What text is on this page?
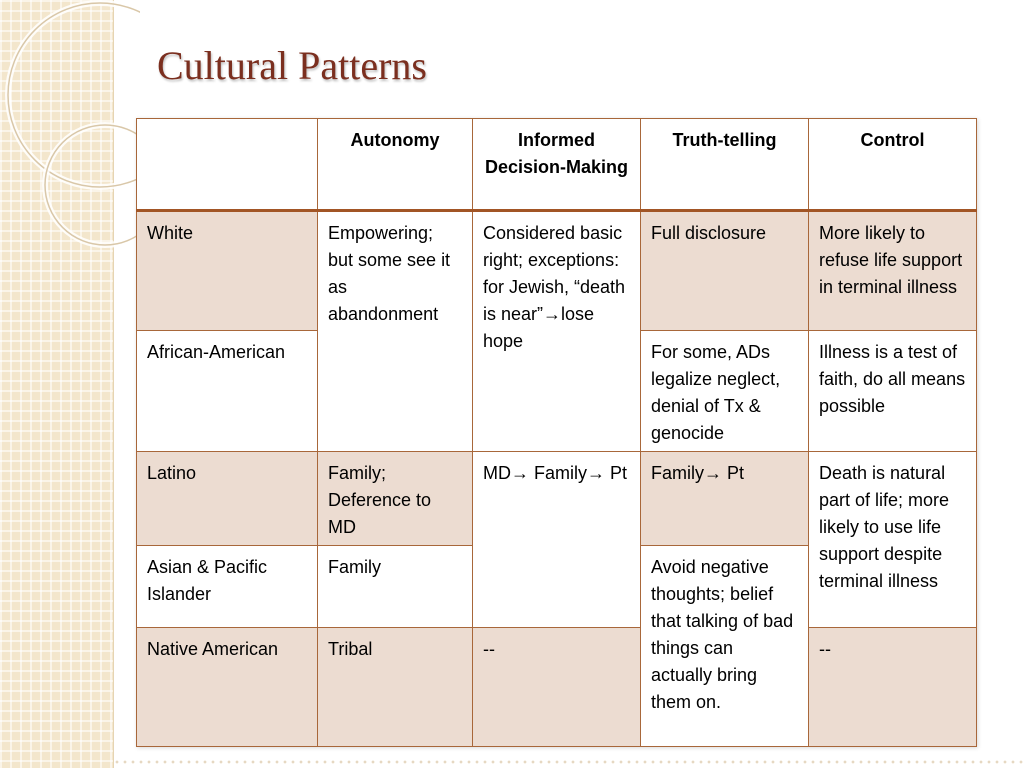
Cultural Patterns
	Autonomy	Informed Decision-Making	Truth-telling	Control
White	Empowering; but some see it as abandonment	Considered basic right; exceptions: for Jewish, “death is near”→lose hope	Full disclosure	More likely to refuse life support in terminal illness
African-American			For some, ADs legalize neglect, denial of Tx & genocide	Illness is a test of faith, do all means possible
Latino	Family; Deference to MD	MD→ Family→ Pt	Family→ Pt	Death is natural part of life; more likely to use life support despite terminal illness
Asian & Pacific Islander	Family		Avoid negative thoughts; belief that talking of bad things can actually bring them on.	
Native American	Tribal	--		--
